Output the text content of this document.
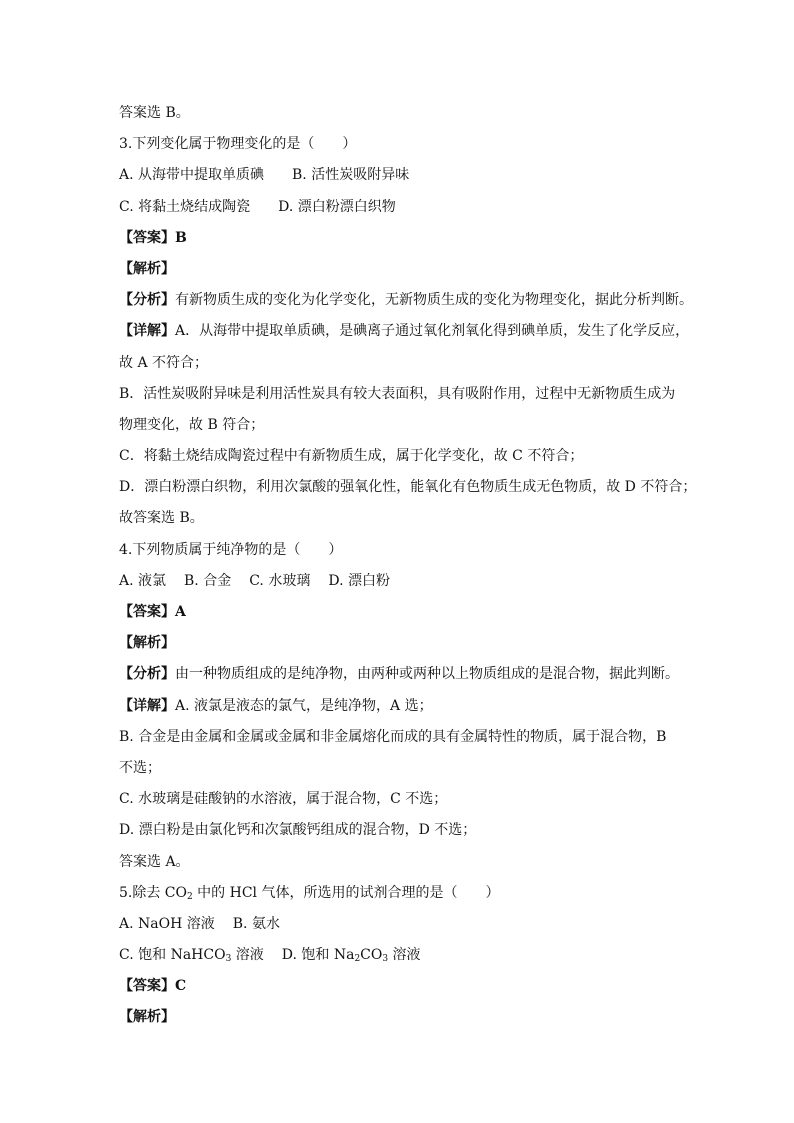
答案选 B。
3.下列变化属于物理变化的是（　　）
A. 从海带中提取单质碘 B. 活性炭吸附异味
C. 将黏土烧结成陶瓷 D. 漂白粉漂白织物
【答案】B
【解析】
【分析】有新物质生成的变化为化学变化，无新物质生成的变化为物理变化，据此分析判断。
【详解】A．从海带中提取单质碘，是碘离子通过氧化剂氧化得到碘单质，发生了化学反应，
故 A 不符合；
B．活性炭吸附异味是利用活性炭具有较大表面积，具有吸附作用，过程中无新物质生成为
物理变化，故 B 符合；
C．将黏土烧结成陶瓷过程中有新物质生成，属于化学变化，故 C 不符合；
D．漂白粉漂白织物，利用次氯酸的强氧化性，能氧化有色物质生成无色物质，故 D 不符合；
故答案选 B。
4.下列物质属于纯净物的是（　　）
A. 液氯 B. 合金 C. 水玻璃 D. 漂白粉
【答案】A
【解析】
【分析】由一种物质组成的是纯净物，由两种或两种以上物质组成的是混合物，据此判断。
【详解】A. 液氯是液态的氯气，是纯净物，A 选；
B. 合金是由金属和金属或金属和非金属熔化而成的具有金属特性的物质，属于混合物，B
不选；
C. 水玻璃是硅酸钠的水溶液，属于混合物，C 不选；
D. 漂白粉是由氯化钙和次氯酸钙组成的混合物，D 不选；
答案选 A。
5.除去 $CO_2$ 中的 HCl 气体，所选用的试剂合理的是（　　）
A. NaOH 溶液 B. 氨水
C. 饱和 NaHCO$_3$ 溶液 D. 饱和 $Na_2CO_3$ 溶液
【答案】C
【解析】
